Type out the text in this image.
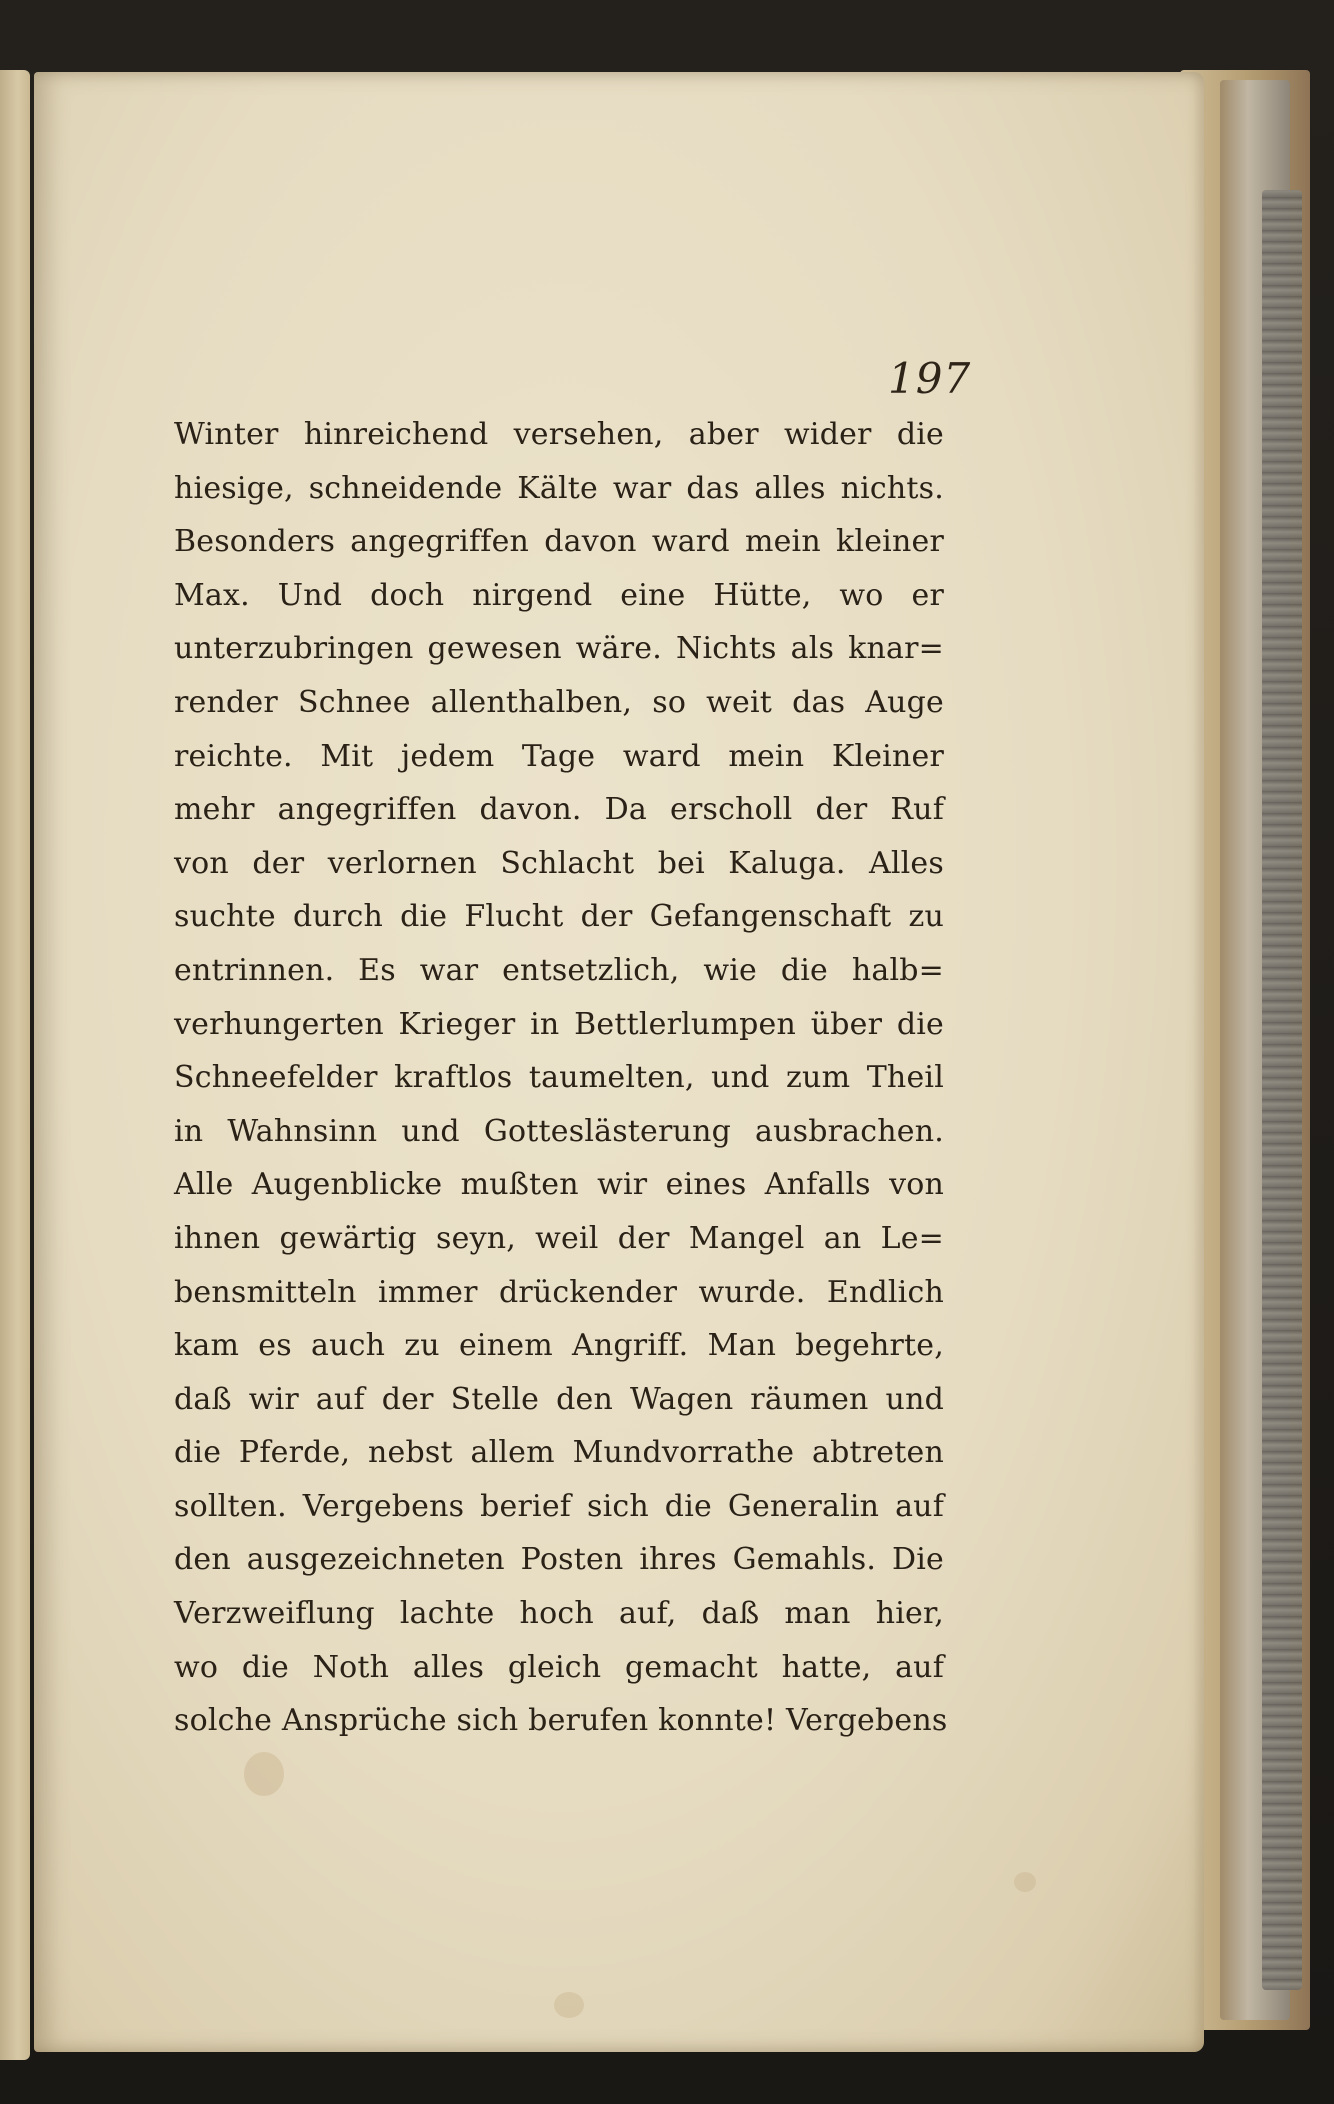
197

Winter hinreichend versehen, aber wider die
hiesige, schneidende Kälte war das alles nichts.
Besonders angegriffen davon ward mein kleiner
Max. Und doch nirgend eine Hütte, wo er
unterzubringen gewesen wäre. Nichts als knar=
render Schnee allenthalben, so weit das Auge
reichte. Mit jedem Tage ward mein Kleiner
mehr angegriffen davon. Da erscholl der Ruf
von der verlornen Schlacht bei Kaluga. Alles
suchte durch die Flucht der Gefangenschaft zu
entrinnen. Es war entsetzlich, wie die halb=
verhungerten Krieger in Bettlerlumpen über die
Schneefelder kraftlos taumelten, und zum Theil
in Wahnsinn und Gotteslästerung ausbrachen.
Alle Augenblicke mußten wir eines Anfalls von
ihnen gewärtig seyn, weil der Mangel an Le=
bensmitteln immer drückender wurde. Endlich
kam es auch zu einem Angriff. Man begehrte,
daß wir auf der Stelle den Wagen räumen und
die Pferde, nebst allem Mundvorrathe abtreten
sollten. Vergebens berief sich die Generalin auf
den ausgezeichneten Posten ihres Gemahls. Die
Verzweiflung lachte hoch auf, daß man hier,
wo die Noth alles gleich gemacht hatte, auf
solche Ansprüche sich berufen konnte! Vergebens
